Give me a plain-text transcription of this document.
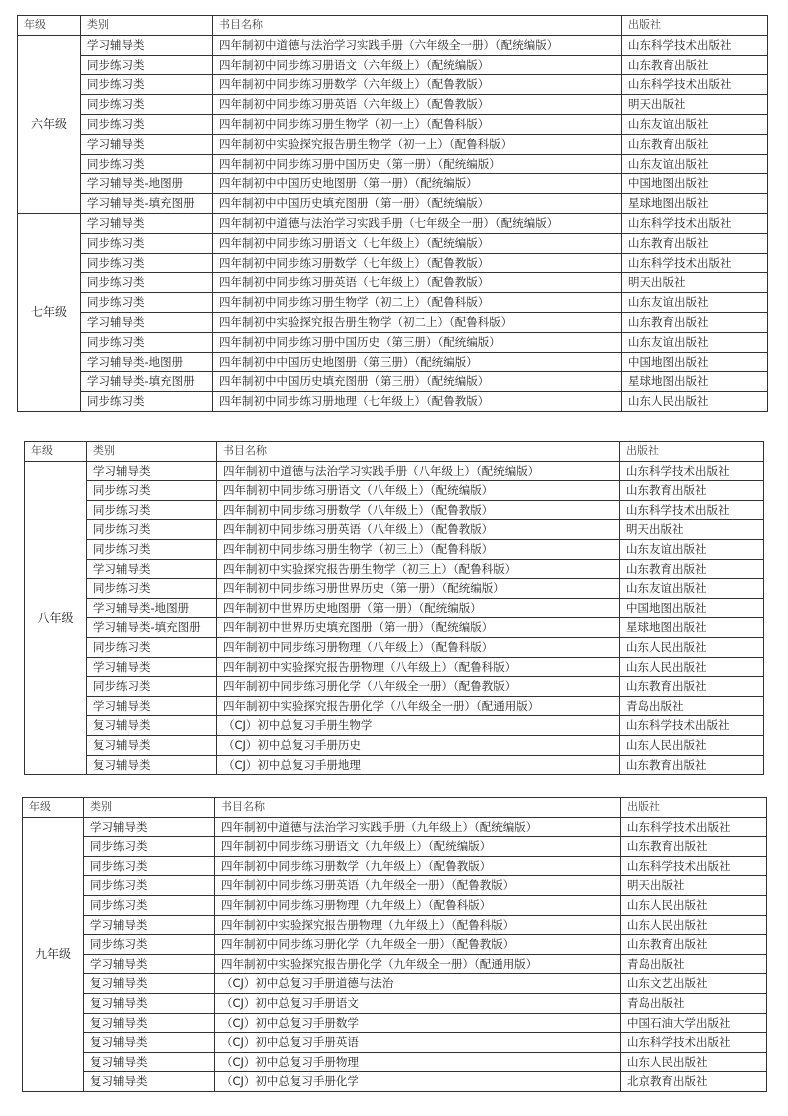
年级	类别	书目名称	出版社
六年级	学习辅导类	四年制初中道德与法治学习实践手册（六年级全一册）（配统编版）	山东科学技术出版社
	同步练习类	四年制初中同步练习册语文（六年级上）（配统编版）	山东教育出版社
	同步练习类	四年制初中同步练习册数学（六年级上）（配鲁教版）	山东科学技术出版社
	同步练习类	四年制初中同步练习册英语（六年级上）（配鲁教版）	明天出版社
	同步练习类	四年制初中同步练习册生物学（初一上）（配鲁科版）	山东友谊出版社
	学习辅导类	四年制初中实验探究报告册生物学（初一上）（配鲁科版）	山东教育出版社
	同步练习类	四年制初中同步练习册中国历史（第一册）（配统编版）	山东友谊出版社
	学习辅导类-地图册	四年制初中中国历史地图册（第一册）（配统编版）	中国地图出版社
	学习辅导类-填充图册	四年制初中中国历史填充图册（第一册）（配统编版）	星球地图出版社
七年级	学习辅导类	四年制初中道德与法治学习实践手册（七年级全一册）（配统编版）	山东科学技术出版社
	同步练习类	四年制初中同步练习册语文（七年级上）（配统编版）	山东教育出版社
	同步练习类	四年制初中同步练习册数学（七年级上）（配鲁教版）	山东科学技术出版社
	同步练习类	四年制初中同步练习册英语（七年级上）（配鲁教版）	明天出版社
	同步练习类	四年制初中同步练习册生物学（初二上）（配鲁科版）	山东友谊出版社
	学习辅导类	四年制初中实验探究报告册生物学（初二上）（配鲁科版）	山东教育出版社
	同步练习类	四年制初中同步练习册中国历史（第三册）（配统编版）	山东友谊出版社
	学习辅导类-地图册	四年制初中中国历史地图册（第三册）（配统编版）	中国地图出版社
	学习辅导类-填充图册	四年制初中中国历史填充图册（第三册）（配统编版）	星球地图出版社
	同步练习类	四年制初中同步练习册地理（七年级上）（配鲁教版）	山东人民出版社
年级	类别	书目名称	出版社
八年级	学习辅导类	四年制初中道德与法治学习实践手册（八年级上）（配统编版）	山东科学技术出版社
	同步练习类	四年制初中同步练习册语文（八年级上）（配统编版）	山东教育出版社
	同步练习类	四年制初中同步练习册数学（八年级上）（配鲁教版）	山东科学技术出版社
	同步练习类	四年制初中同步练习册英语（八年级上）（配鲁教版）	明天出版社
	同步练习类	四年制初中同步练习册生物学（初三上）（配鲁科版）	山东友谊出版社
	学习辅导类	四年制初中实验探究报告册生物学（初三上）（配鲁科版）	山东教育出版社
	同步练习类	四年制初中同步练习册世界历史（第一册）（配统编版）	山东友谊出版社
	学习辅导类-地图册	四年制初中世界历史地图册（第一册）（配统编版）	中国地图出版社
	学习辅导类-填充图册	四年制初中世界历史填充图册（第一册）（配统编版）	星球地图出版社
	同步练习类	四年制初中同步练习册物理（八年级上）（配鲁科版）	山东人民出版社
	学习辅导类	四年制初中实验探究报告册物理（八年级上）（配鲁科版）	山东人民出版社
	同步练习类	四年制初中同步练习册化学（八年级全一册）（配鲁教版）	山东教育出版社
	学习辅导类	四年制初中实验探究报告册化学（八年级全一册）（配通用版）	青岛出版社
	复习辅导类	（CJ）初中总复习手册生物学	山东科学技术出版社
	复习辅导类	（CJ）初中总复习手册历史	山东人民出版社
	复习辅导类	（CJ）初中总复习手册地理	山东教育出版社
年级	类别	书目名称	出版社
九年级	学习辅导类	四年制初中道德与法治学习实践手册（九年级上）（配统编版）	山东科学技术出版社
	同步练习类	四年制初中同步练习册语文（九年级上）（配统编版）	山东教育出版社
	同步练习类	四年制初中同步练习册数学（九年级上）（配鲁教版）	山东科学技术出版社
	同步练习类	四年制初中同步练习册英语（九年级全一册）（配鲁教版）	明天出版社
	同步练习类	四年制初中同步练习册物理（九年级上）（配鲁科版）	山东人民出版社
	学习辅导类	四年制初中实验探究报告册物理（九年级上）（配鲁科版）	山东人民出版社
	同步练习类	四年制初中同步练习册化学（九年级全一册）（配鲁教版）	山东教育出版社
	学习辅导类	四年制初中实验探究报告册化学（九年级全一册）（配通用版）	青岛出版社
	复习辅导类	（CJ）初中总复习手册道德与法治	山东文艺出版社
	复习辅导类	（CJ）初中总复习手册语文	青岛出版社
	复习辅导类	（CJ）初中总复习手册数学	中国石油大学出版社
	复习辅导类	（CJ）初中总复习手册英语	山东科学技术出版社
	复习辅导类	（CJ）初中总复习手册物理	山东人民出版社
	复习辅导类	（CJ）初中总复习手册化学	北京教育出版社
